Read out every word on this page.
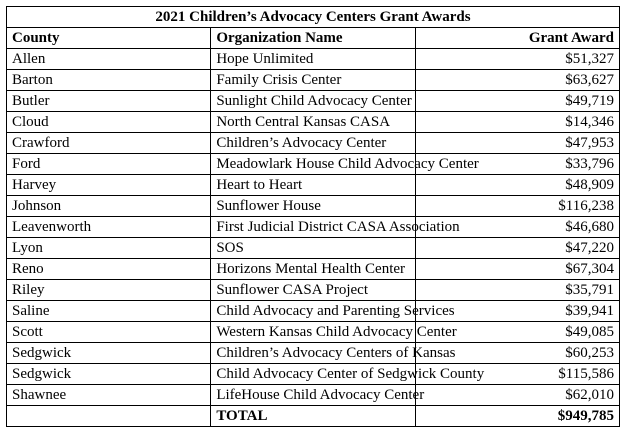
2021 Children’s Advocacy Centers Grant Awards		
County	Organization Name	Grant Award
Allen	Hope Unlimited	$51,327
Barton	Family Crisis Center	$63,627
Butler	Sunlight Child Advocacy Center	$49,719
Cloud	North Central Kansas CASA	$14,346
Crawford	Children’s Advocacy Center	$47,953
Ford	Meadowlark House Child Advocacy Center	$33,796
Harvey	Heart to Heart	$48,909
Johnson	Sunflower House	$116,238
Leavenworth	First Judicial District CASA Association	$46,680
Lyon	SOS	$47,220
Reno	Horizons Mental Health Center	$67,304
Riley	Sunflower CASA Project	$35,791
Saline	Child Advocacy and Parenting Services	$39,941
Scott	Western Kansas Child Advocacy Center	$49,085
Sedgwick	Children’s Advocacy Centers of Kansas	$60,253
Sedgwick	Child Advocacy Center of Sedgwick County	$115,586
Shawnee	LifeHouse Child Advocacy Center	$62,010
	TOTAL	$949,785
